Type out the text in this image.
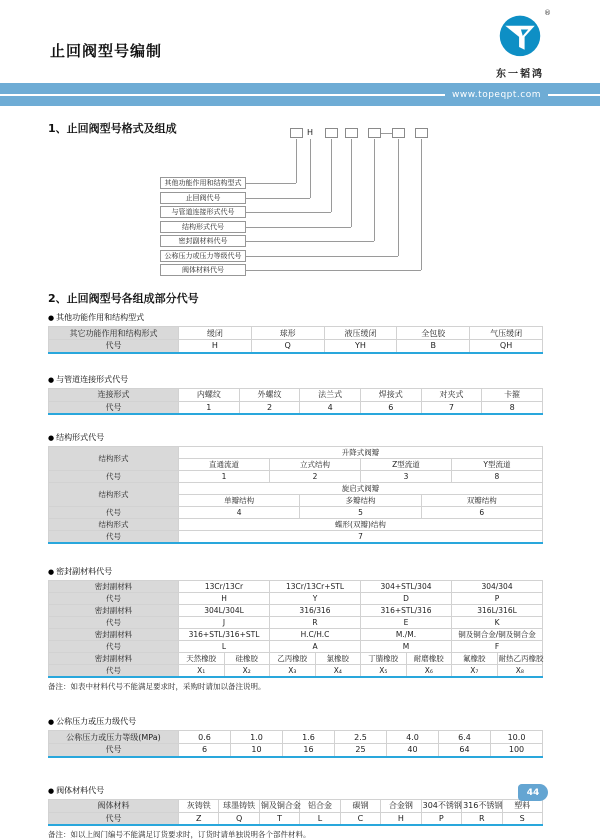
止回阀型号编制
®
东一韬鸿
www.topeqpt.com
1、止回阀型号格式及组成	H
其他功能作用和结构型式
止回阀代号
与管道连接形式代号
结构形式代号
密封副材料代号
公称压力或压力等级代号
阀体材料代号
2、止回阀型号各组成部分代号
● 其他功能作用和结构型式
其它功能作用和结构形式	缓闭	球形	液压缓闭	全包胶	气压缓闭
代号	H	Q	YH	B	QH
● 与管道连接形式代号
连接形式	内螺纹	外螺纹	法兰式	焊接式	对夹式	卡箍
代号	1	2	4	6	7	8
● 结构形式代号
结构形式	升降式阀瓣					
	直通流道	立式结构		Z型流道		Y型流道
代号	1	2		3		8
结构形式	旋启式阀瓣					
	单瓣结构		多瓣结构		双瓣结构	
代号	4		5		6	
结构形式	蝶形(双瓣)结构					
代号	7					
● 密封副材料代号
密封副材料	13Cr/13Cr		13Cr/13Cr+STL		304+STL/304		304/304	
代号	H		Y		D		P	
密封副材料	304L/304L		316/316		316+STL/316		316L/316L	
代号	J		R		E		K	
密封副材料	316+STL/316+STL		H.C/H.C		M./M.		铜及铜合金/铜及铜合金	
代号	L		A		M		F	
密封副材料	天然橡胶	硅橡胶	乙丙橡胶	氯橡胶	丁腈橡胶	耐磨橡胶	氟橡胶	耐热乙丙橡胶
代号	X₁	X₂	X₃	X₄	X₅	X₆	X₇	X₈
备注：如表中材料代号不能满足要求时，采购时请加以备注说明。
● 公称压力或压力级代号
公称压力或压力等级(MPa)	0.6	1.0	1.6	2.5	4.0	6.4	10.0
代号	6	10	16	25	40	64	100
● 阀体材料代号
阀体材料	灰铸铁	球墨铸铁	铜及铜合金	铝合金	碳钢	合金钢	304不锈钢	316不锈钢	塑料
代号	Z	Q	T	L	C	H	P	R	S
备注：如以上阀门编号不能满足订货要求时，订货时请单独说明各个部件材料。
44
